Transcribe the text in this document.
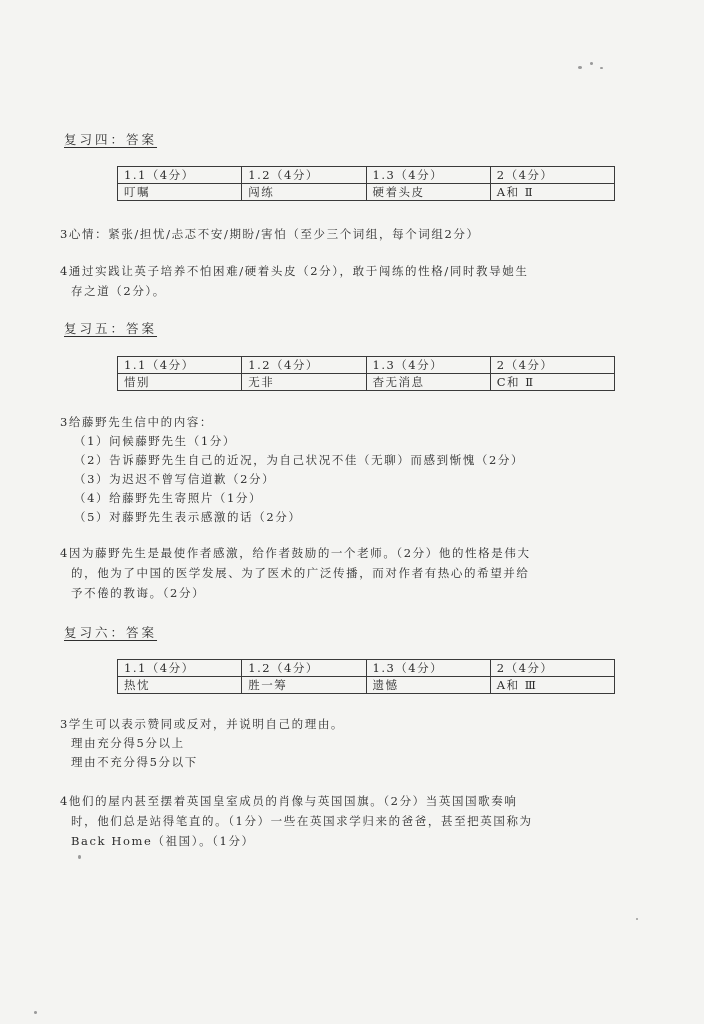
复习四：答案
1.1（4分）	1.2（4分）	1.3（4分）	2（4分）
叮嘱	闯练	硬着头皮	A和 Ⅱ
3心情：紧张/担忧/忐忑不安/期盼/害怕（至少三个词组，每个词组2分）
4通过实践让英子培养不怕困难/硬着头皮（2分），敢于闯练的性格/同时教导她生
存之道（2分）。
复习五：答案
1.1（4分）	1.2（4分）	1.3（4分）	2（4分）
惜别	无非	杳无消息	C和 Ⅱ
3给藤野先生信中的内容：
（1）问候藤野先生（1分）
（2）告诉藤野先生自己的近况，为自己状况不佳（无聊）而感到惭愧（2分）
（3）为迟迟不曾写信道歉（2分）
（4）给藤野先生寄照片（1分）
（5）对藤野先生表示感激的话（2分）
4因为藤野先生是最使作者感激，给作者鼓励的一个老师。（2分）他的性格是伟大
的，他为了中国的医学发展、为了医术的广泛传播，而对作者有热心的希望并给
予不倦的教诲。（2分）
复习六：答案
1.1（4分）	1.2（4分）	1.3（4分）	2（4分）
热忱	胜一筹	遗憾	A和 Ⅲ
3学生可以表示赞同或反对，并说明自己的理由。
理由充分得5分以上
理由不充分得5分以下
4他们的屋内甚至摆着英国皇室成员的肖像与英国国旗。（2分）当英国国歌奏响
时，他们总是站得笔直的。（1分）一些在英国求学归来的爸爸，甚至把英国称为
Back Home（祖国）。（1分）
